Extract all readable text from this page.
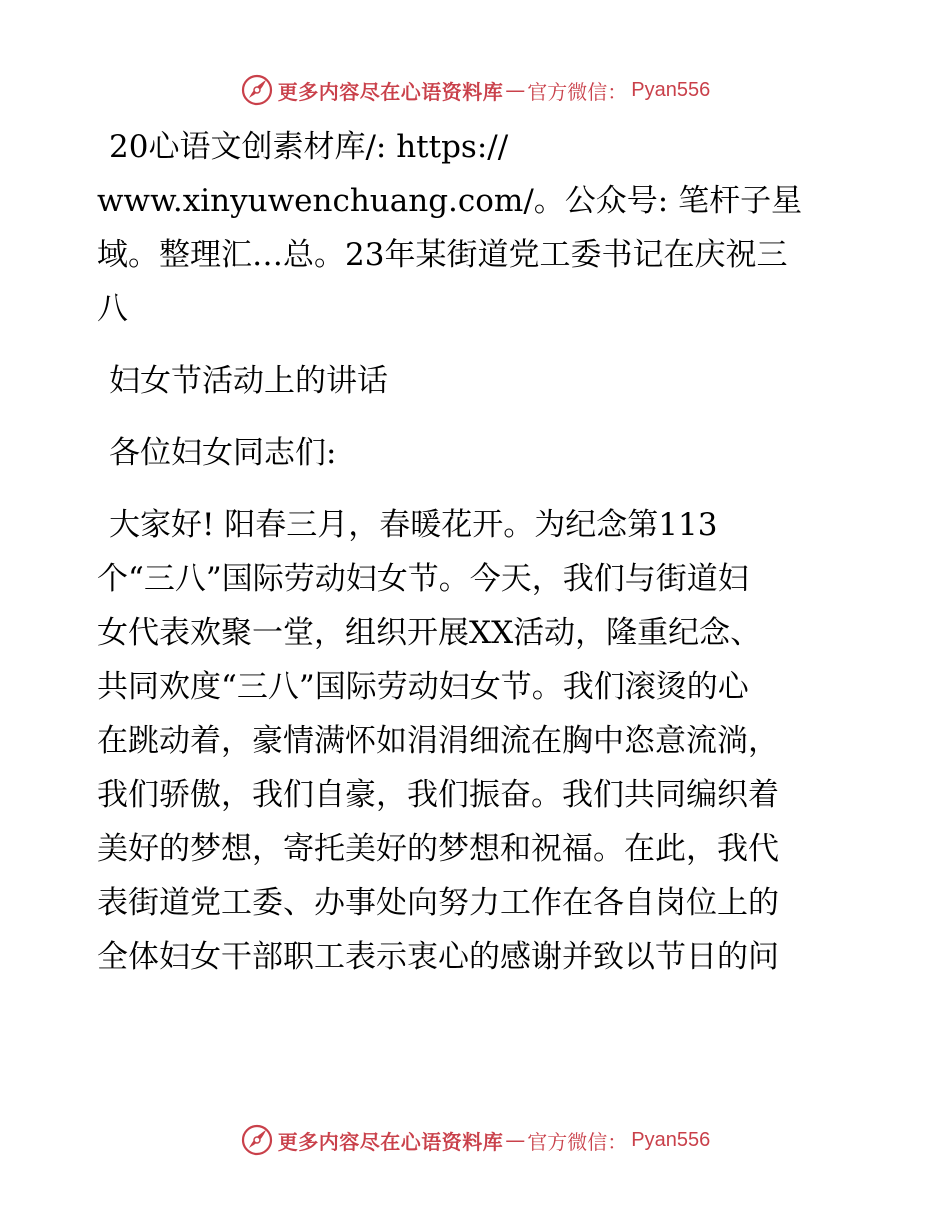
更多内容尽在心语资料库 — 官方微信： Pyan556

20心语文创素材库/: https://

www.xinyuwenchuang.com/。公众号: 笔杆子星

域。整理汇…总。23年某街道党工委书记在庆祝三

八

妇女节活动上的讲话

各位妇女同志们:

大家好! 阳春三月，春暖花开。为纪念第113

个“三八”国际劳动妇女节。今天，我们与街道妇

女代表欢聚一堂，组织开展XX活动，隆重纪念、

共同欢度“三八”国际劳动妇女节。我们滚烫的心

在跳动着，豪情满怀如涓涓细流在胸中恣意流淌，

我们骄傲，我们自豪，我们振奋。我们共同编织着

美好的梦想，寄托美好的梦想和祝福。在此，我代

表街道党工委、办事处向努力工作在各自岗位上的

全体妇女干部职工表示衷心的感谢并致以节日的问

更多内容尽在心语资料库 — 官方微信： Pyan556
